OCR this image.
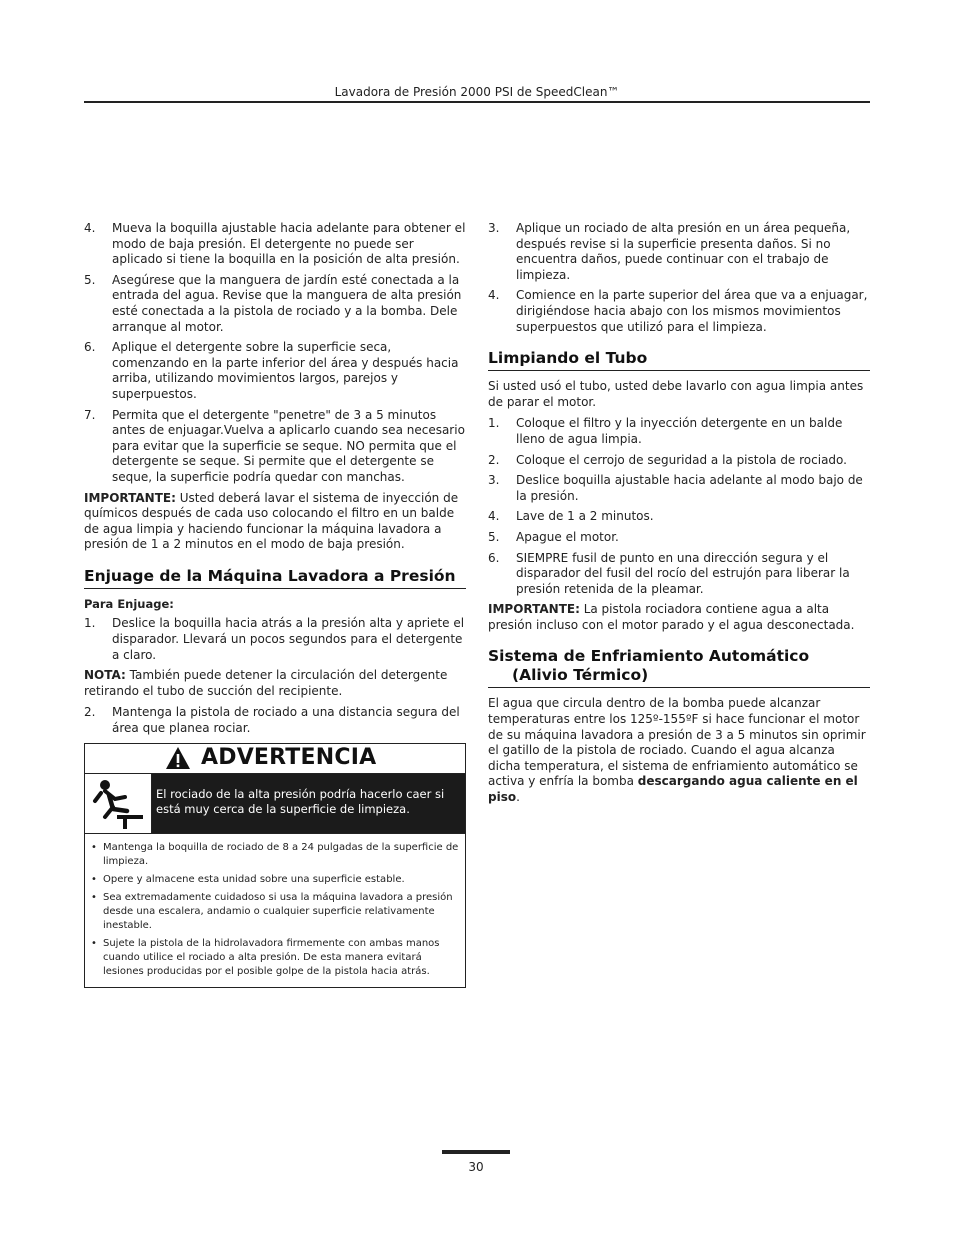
Lavadora de Presión 2000 PSI de SpeedClean™
4.	Mueva la boquilla ajustable hacia adelante para obtener el modo de baja presión. El detergente no puede ser aplicado si tiene la boquilla en la posición de alta presión.
5.	Asegúrese que la manguera de jardín esté conectada a la entrada del agua. Revise que la manguera de alta presión esté conectada a la pistola de rociado y a la bomba. Dele arranque al motor.
6.	Aplique el detergente sobre la superficie seca, comenzando en la parte inferior del área y después hacia arriba, utilizando movimientos largos, parejos y superpuestos.
7.	Permita que el detergente "penetre" de 3 a 5 minutos antes de enjuagar.Vuelva a aplicarlo cuando sea necesario para evitar que la superficie se seque. NO permita que el detergente se seque. Si permite que el detergente se seque, la superficie podría quedar con manchas.

IMPORTANTE: Usted deberá lavar el sistema de inyección de químicos después de cada uso colocando el filtro en un balde de agua limpia y haciendo funcionar la máquina lavadora a presión de 1 a 2 minutos en el modo de baja presión.

Enjuage de la Máquina Lavadora a Presión
Para Enjuage:
1.	Deslice la boquilla hacia atrás a la presión alta y apriete el disparador. Llevará un pocos segundos para el detergente a claro.

NOTA: También puede detener la circulación del detergente retirando el tubo de succión del recipiente.

2.	Mantenga la pistola de rociado a una distancia segura del área que planea rociar.
ADVERTENCIA
El rociado de la alta presión podría hacerlo caer si está muy cerca de la superficie de limpieza.
• Mantenga la boquilla de rociado de 8 a 24 pulgadas de la superficie de limpieza.
• Opere y almacene esta unidad sobre una superficie estable.
• Sea extremadamente cuidadoso si usa la máquina lavadora a presión desde una escalera, andamio o cualquier superficie relativamente inestable.
• Sujete la pistola de la hidrolavadora firmemente con ambas manos cuando utilice el rociado a alta presión. De esta manera evitará lesiones producidas por el posible golpe de la pistola hacia atrás.
3.	Aplique un rociado de alta presión en un área pequeña, después revise si la superficie presenta daños. Si no encuentra daños, puede continuar con el trabajo de limpieza.
4.	Comience en la parte superior del área que va a enjuagar, dirigiéndose hacia abajo con los mismos movimientos superpuestos que utilizó para el limpieza.
Limpiando el Tubo

Si usted usó el tubo, usted debe lavarlo con agua limpia antes de parar el motor.

1.	Coloque el filtro y la inyección detergente en un balde lleno de agua limpia.
2.	Coloque el cerrojo de seguridad a la pistola de rociado.
3.	Deslice boquilla ajustable hacia adelante al modo bajo de la presión.
4.	Lave de 1 a 2 minutos.
5.	Apague el motor.
6.	SIEMPRE fusil de punto en una dirección segura y el disparador del fusil del rocío del estrujón para liberar la presión retenida de la pleamar.

IMPORTANTE: La pistola rociadora contiene agua a alta presión incluso con el motor parado y el agua desconectada.

Sistema de Enfriamiento Automático
(Alivio Térmico)

El agua que circula dentro de la bomba puede alcanzar temperaturas entre los 125º-155ºF si hace funcionar el motor de su máquina lavadora a presión de 3 a 5 minutos sin oprimir el gatillo de la pistola de rociado. Cuando el agua alcanza dicha temperatura, el sistema de enfriamiento automático se activa y enfría la bomba descargando agua caliente en el piso.

30
